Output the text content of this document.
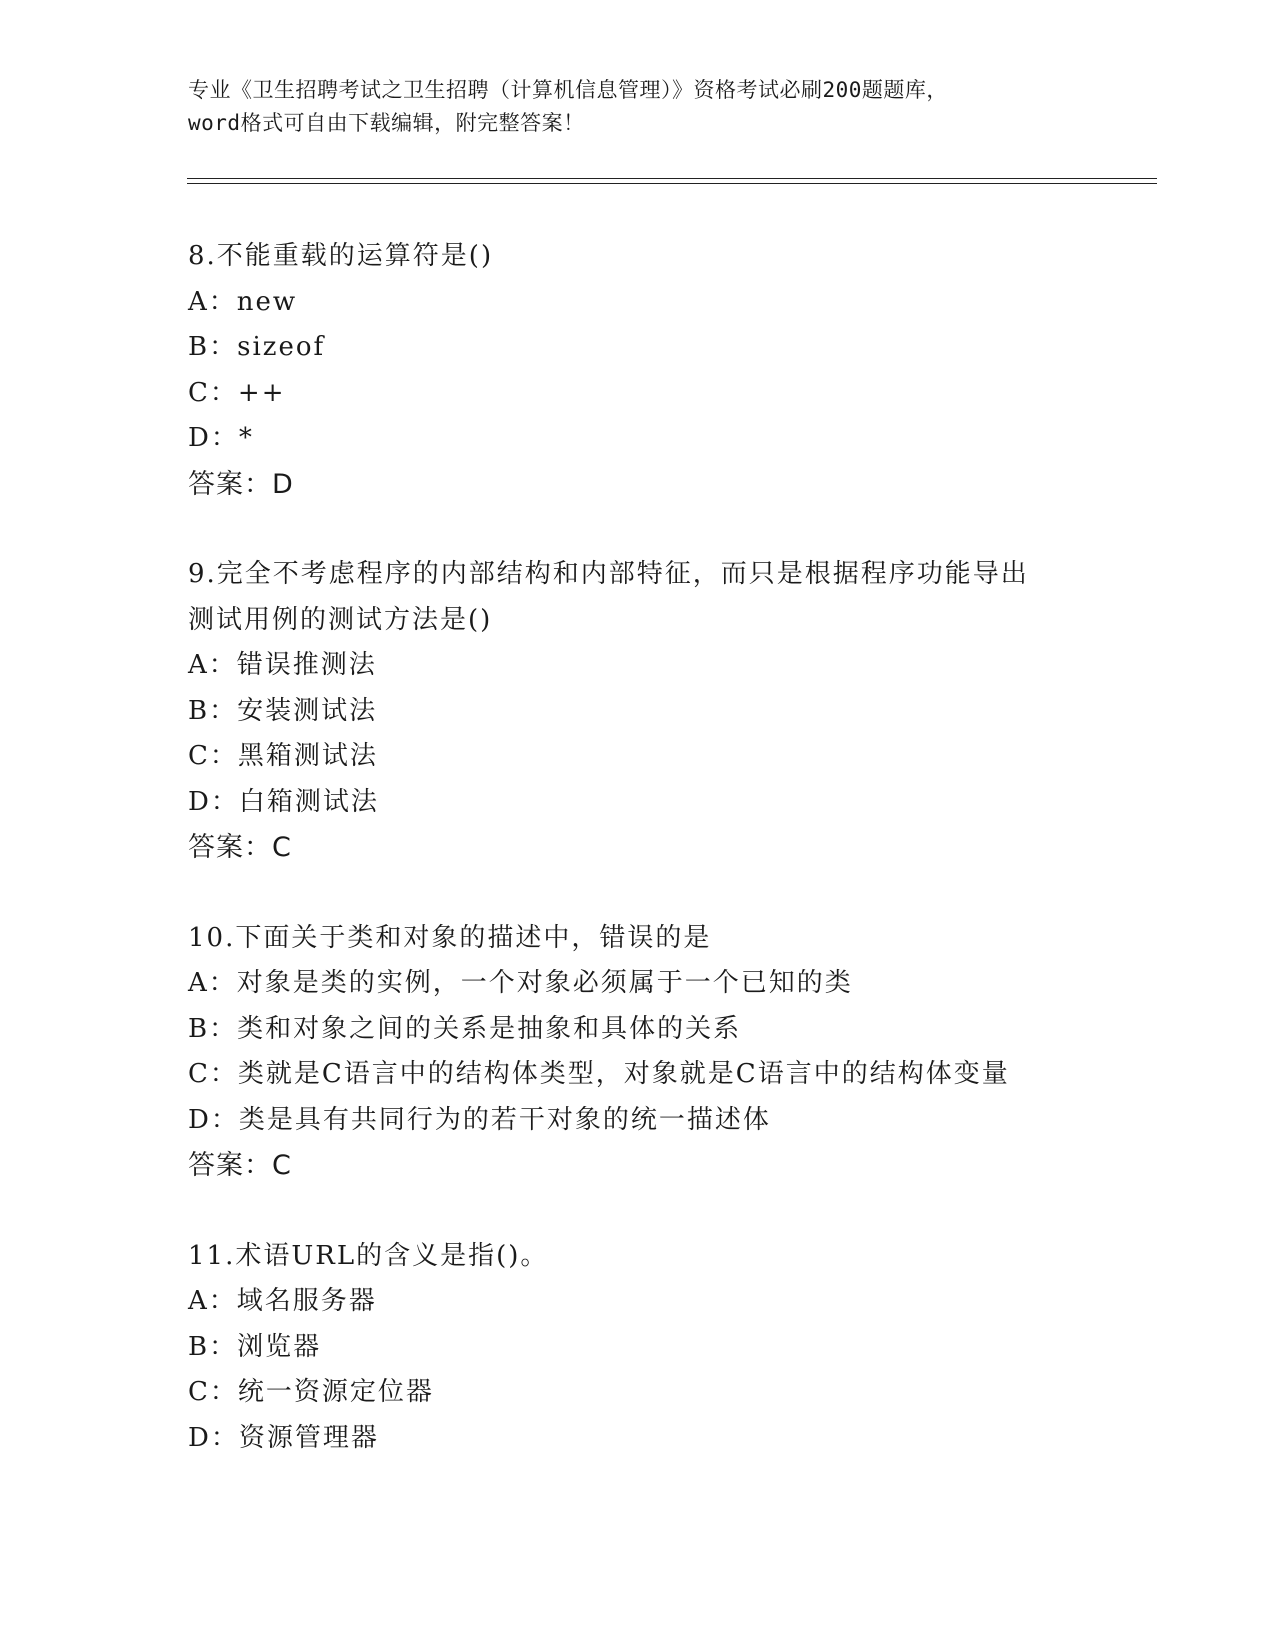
专业《卫生招聘考试之卫生招聘（计算机信息管理）》资格考试必刷200题题库，
word格式可自由下载编辑，附完整答案！
8.不能重载的运算符是()
A：new
B：sizeof
C：++
D：*
答案：D
9.完全不考虑程序的内部结构和内部特征，而只是根据程序功能导出
测试用例的测试方法是()
A：错误推测法
B：安装测试法
C：黑箱测试法
D：白箱测试法
答案：C
10.下面关于类和对象的描述中，错误的是
A：对象是类的实例，一个对象必须属于一个已知的类
B：类和对象之间的关系是抽象和具体的关系
C：类就是C语言中的结构体类型，对象就是C语言中的结构体变量
D：类是具有共同行为的若干对象的统一描述体
答案：C
11.术语URL的含义是指()。
A：域名服务器
B：浏览器
C：统一资源定位器
D：资源管理器
